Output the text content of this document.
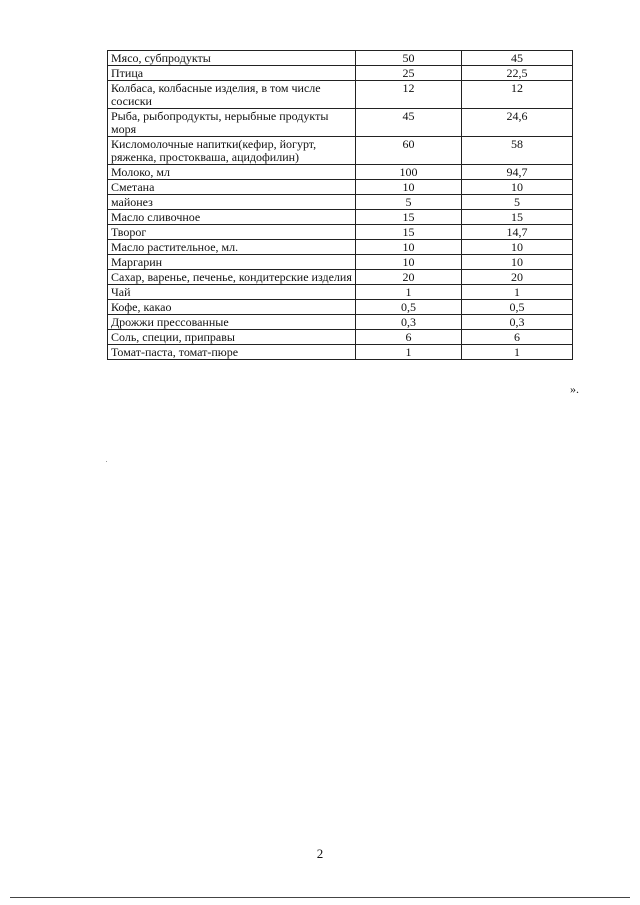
Мясо, субпродукты	50	45
Птица	25	22,5
Колбаса, колбасные изделия, в том числе сосиски	12	12
Рыба, рыбопродукты, нерыбные продукты моря	45	24,6
Кисломолочные напитки(кефир, йогурт, ряженка, простокваша, ацидофилин)	60	58
Молоко, мл	100	94,7
Сметана	10	10
майонез	5	5
Масло сливочное	15	15
Творог	15	14,7
Масло растительное, мл.	10	10
Маргарин	10	10
Сахар, варенье, печенье, кондитерские изделия	20	20
Чай	1	1
Кофе, какао	0,5	0,5
Дрожжи прессованные	0,3	0,3
Соль, специи, приправы	6	6
Томат-паста, томат-пюре	1	1
».
2
